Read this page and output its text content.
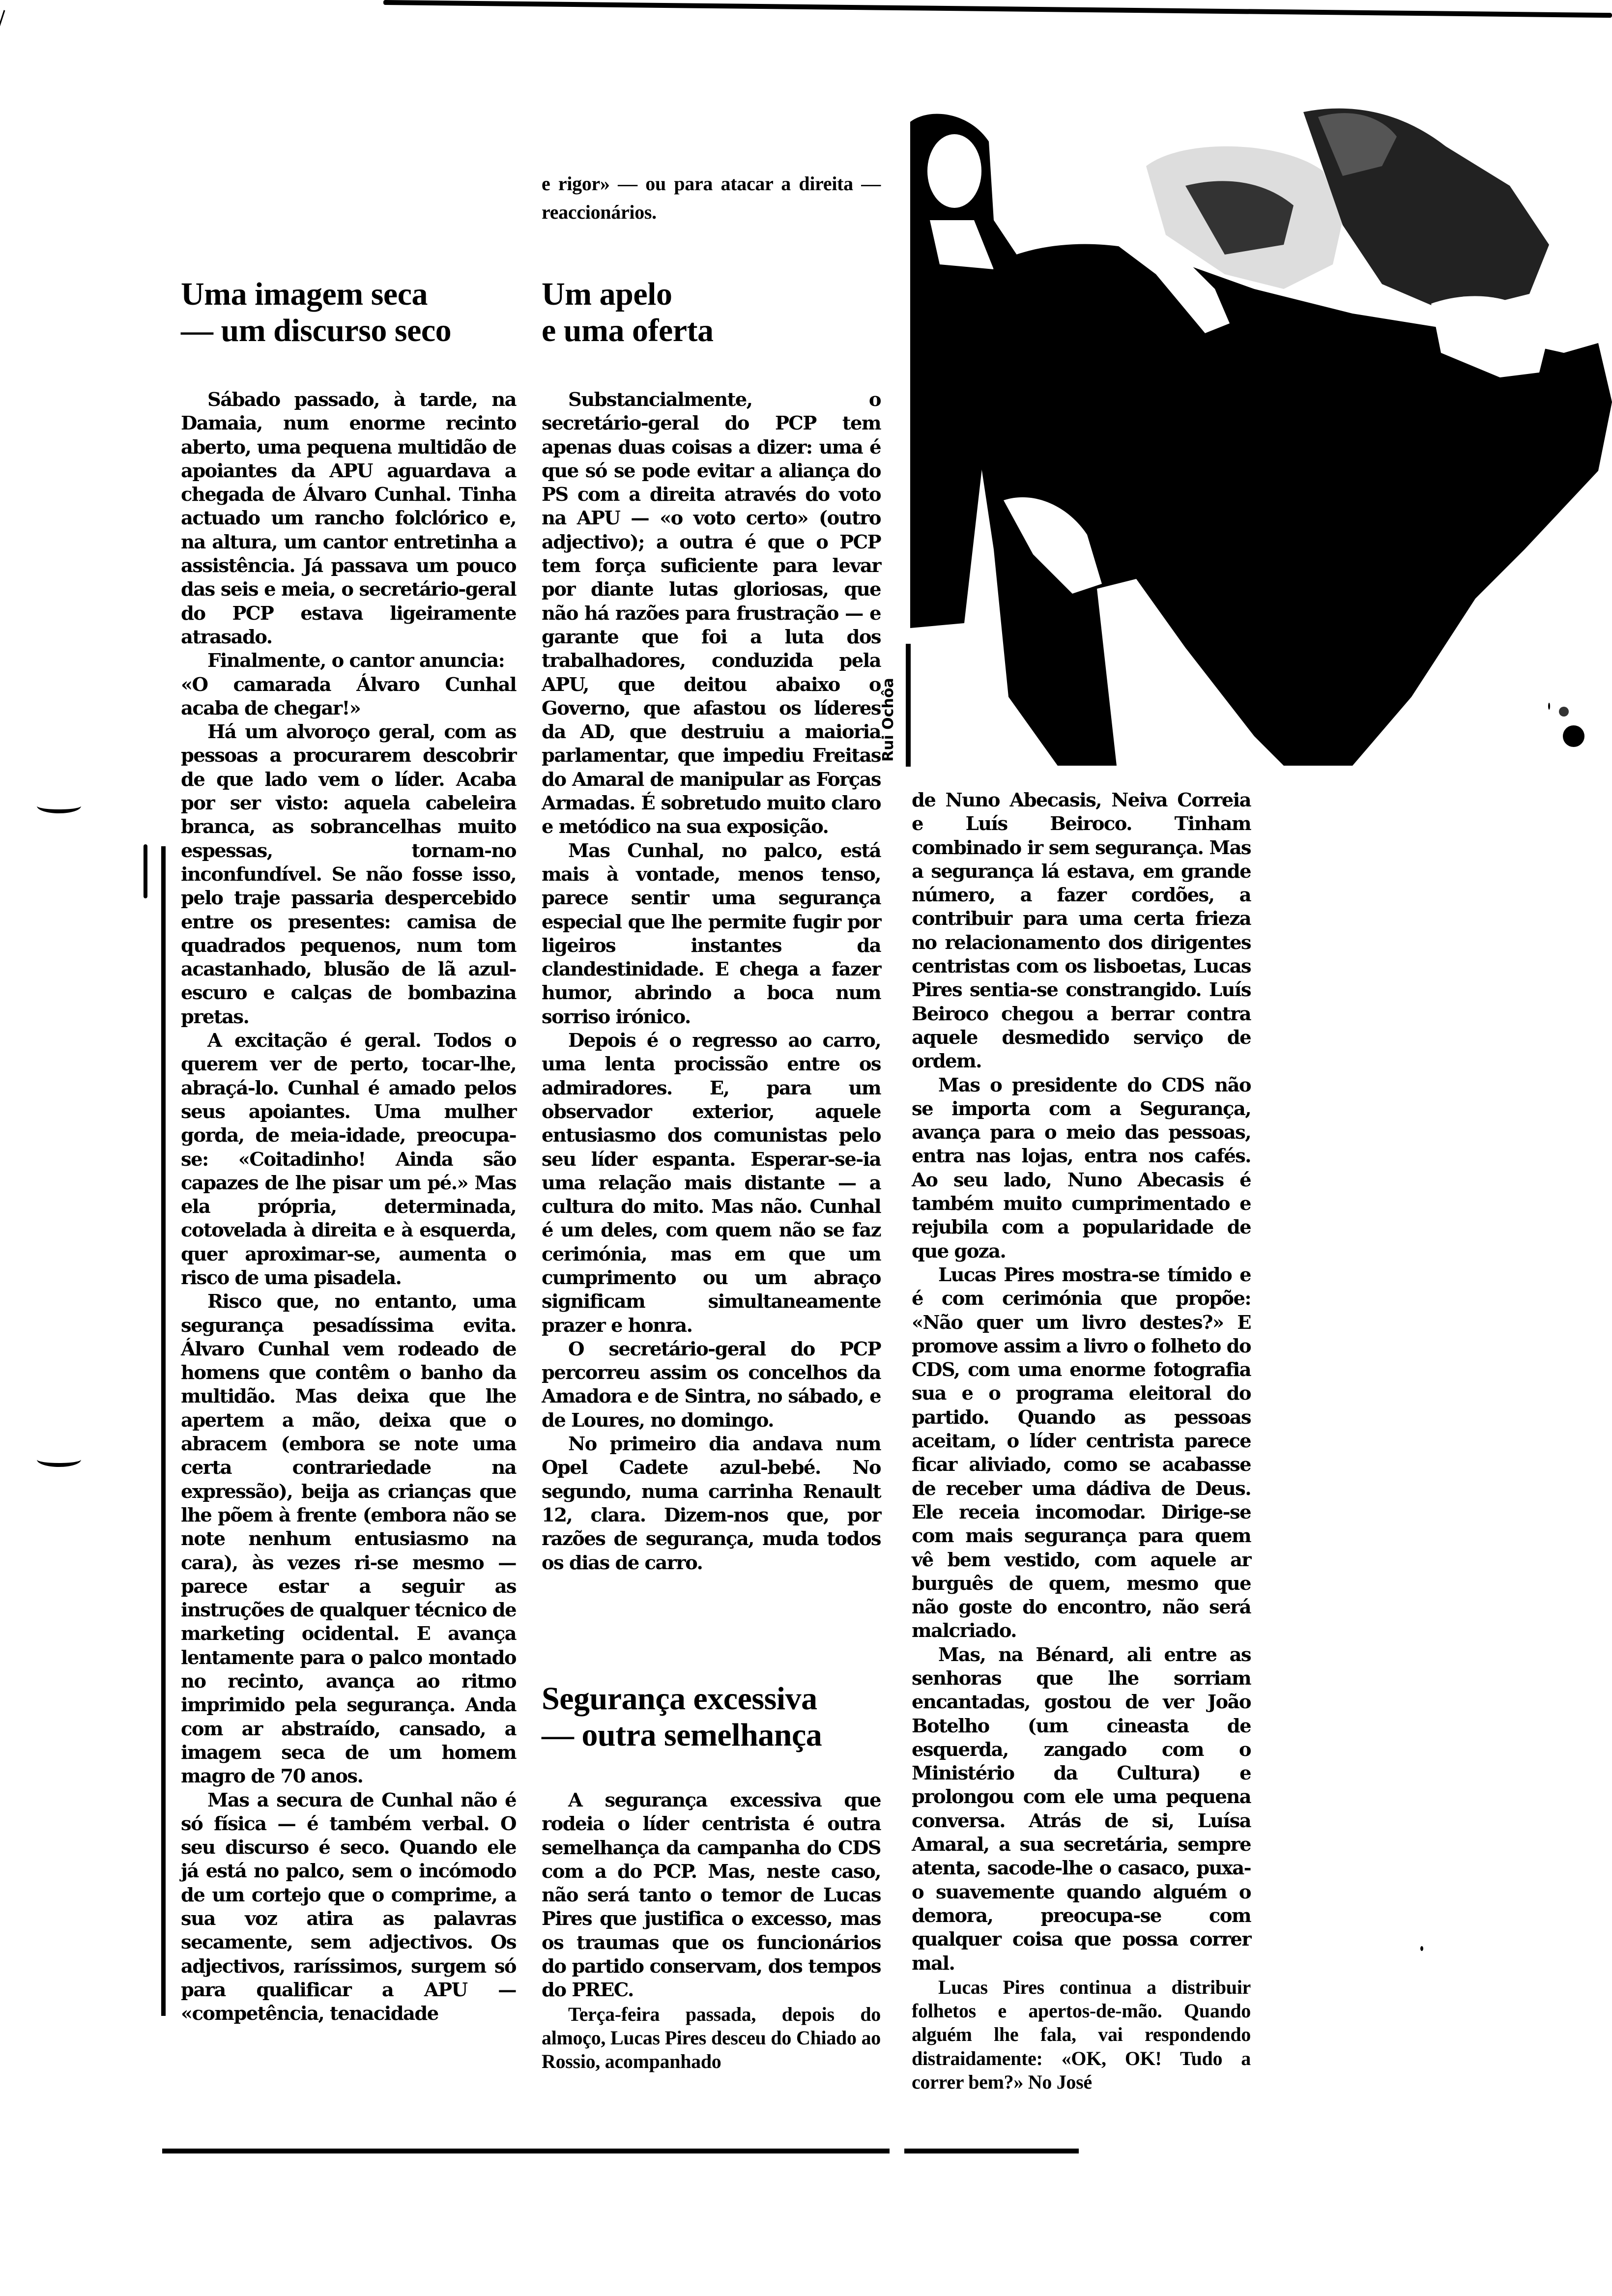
Rui Ochôa
Uma imagem seca
— um discurso seco

Sábado passado, à tarde, na Damaia, num enorme recinto aberto, uma pequena multidão de apoiantes da APU aguardava a chegada de Álvaro Cunhal. Tinha actuado um rancho folclórico e, na altura, um cantor entretinha a assistência. Já passava um pouco das seis e meia, o secretário-geral do PCP estava ligeiramente atrasado.

Finalmente, o cantor anuncia:

«O camarada Álvaro Cunhal acaba de chegar!»

Há um alvoroço geral, com as pessoas a procurarem descobrir de que lado vem o líder. Acaba por ser visto: aquela cabeleira branca, as sobrancelhas muito espessas, tornam-no inconfundível. Se não fosse isso, pelo traje passaria despercebido entre os presentes: camisa de quadrados pequenos, num tom acastanhado, blusão de lã azul-escuro e calças de bombazina pretas.

A excitação é geral. Todos o querem ver de perto, tocar-lhe, abraçá-lo. Cunhal é amado pelos seus apoiantes. Uma mulher gorda, de meia-idade, preocupa-se: «Coitadinho! Ainda são capazes de lhe pisar um pé.» Mas ela própria, determinada, cotovelada à direita e à esquerda, quer aproximar-se, aumenta o risco de uma pisadela.

Risco que, no entanto, uma segurança pesadíssima evita. Álvaro Cunhal vem rodeado de homens que contêm o banho da multidão. Mas deixa que lhe apertem a mão, deixa que o abracem (embora se note uma certa contrariedade na expressão), beija as crianças que lhe põem à frente (embora não se note nenhum entusiasmo na cara), às vezes ri-se mesmo — parece estar a seguir as instruções de qualquer técnico de marketing ocidental. E avança lentamente para o palco montado no recinto, avança ao ritmo imprimido pela segurança. Anda com ar abstraído, cansado, a imagem seca de um homem magro de 70 anos.

Mas a secura de Cunhal não é só física — é também verbal. O seu discurso é seco. Quando ele já está no palco, sem o incómodo de um cortejo que o comprime, a sua voz atira as palavras secamente, sem adjectivos. Os adjectivos, raríssimos, surgem só para qualificar a APU — «competência, tenacidade

e rigor» — ou para atacar a direita — reaccionários.

Um apelo
e uma oferta

Substancialmente, o secretário-geral do PCP tem apenas duas coisas a dizer: uma é que só se pode evitar a aliança do PS com a direita através do voto na APU — «o voto certo» (outro adjectivo); a outra é que o PCP tem força suficiente para levar por diante lutas gloriosas, que não há razões para frustração — e garante que foi a luta dos trabalhadores, conduzida pela APU, que deitou abaixo o Governo, que afastou os líderes da AD, que destruiu a maioria parlamentar, que impediu Freitas do Amaral de manipular as Forças Armadas. É sobretudo muito claro e metódico na sua exposição.

Mas Cunhal, no palco, está mais à vontade, menos tenso, parece sentir uma segurança especial que lhe permite fugir por ligeiros instantes da clandestinidade. E chega a fazer humor, abrindo a boca num sorriso irónico.

Depois é o regresso ao carro, uma lenta procissão entre os admiradores. E, para um observador exterior, aquele entusiasmo dos comunistas pelo seu líder espanta. Esperar-se-ia uma relação mais distante — a cultura do mito. Mas não. Cunhal é um deles, com quem não se faz cerimónia, mas em que um cumprimento ou um abraço significam simultaneamente prazer e honra.

O secretário-geral do PCP percorreu assim os concelhos da Amadora e de Sintra, no sábado, e de Loures, no domingo.

No primeiro dia andava num Opel Cadete azul-bebé. No segundo, numa carrinha Renault 12, clara. Dizem-nos que, por razões de segurança, muda todos os dias de carro.

Segurança excessiva
— outra semelhança

A segurança excessiva que rodeia o líder centrista é outra semelhança da campanha do CDS com a do PCP. Mas, neste caso, não será tanto o temor de Lucas Pires que justifica o excesso, mas os traumas que os funcionários do partido conservam, dos tempos do PREC.

Terça-feira passada, depois do almoço, Lucas Pires desceu do Chiado ao Rossio, acompanhado

de Nuno Abecasis, Neiva Correia e Luís Beiroco. Tinham combinado ir sem segurança. Mas a segurança lá estava, em grande número, a fazer cordões, a contribuir para uma certa frieza no relacionamento dos dirigentes centristas com os lisboetas, Lucas Pires sentia-se constrangido. Luís Beiroco chegou a berrar contra aquele desmedido serviço de ordem.

Mas o presidente do CDS não se importa com a Segurança, avança para o meio das pessoas, entra nas lojas, entra nos cafés. Ao seu lado, Nuno Abecasis é também muito cumprimentado e rejubila com a popularidade de que goza.

Lucas Pires mostra-se tímido e é com cerimónia que propõe: «Não quer um livro destes?» E promove assim a livro o folheto do CDS, com uma enorme fotografia sua e o programa eleitoral do partido. Quando as pessoas aceitam, o líder centrista parece ficar aliviado, como se acabasse de receber uma dádiva de Deus. Ele receia incomodar. Dirige-se com mais segurança para quem vê bem vestido, com aquele ar burguês de quem, mesmo que não goste do encontro, não será malcriado.

Mas, na Bénard, ali entre as senhoras que lhe sorriam encantadas, gostou de ver João Botelho (um cineasta de esquerda, zangado com o Ministério da Cultura) e prolongou com ele uma pequena conversa. Atrás de si, Luísa Amaral, a sua secretária, sempre atenta, sacode-lhe o casaco, puxa-o suavemente quando alguém o demora, preocupa-se com qualquer coisa que possa correr mal.

Lucas Pires continua a distribuir folhetos e apertos-de-mão. Quando alguém lhe fala, vai respondendo distraidamente: «OK, OK! Tudo a correr bem?» No José
